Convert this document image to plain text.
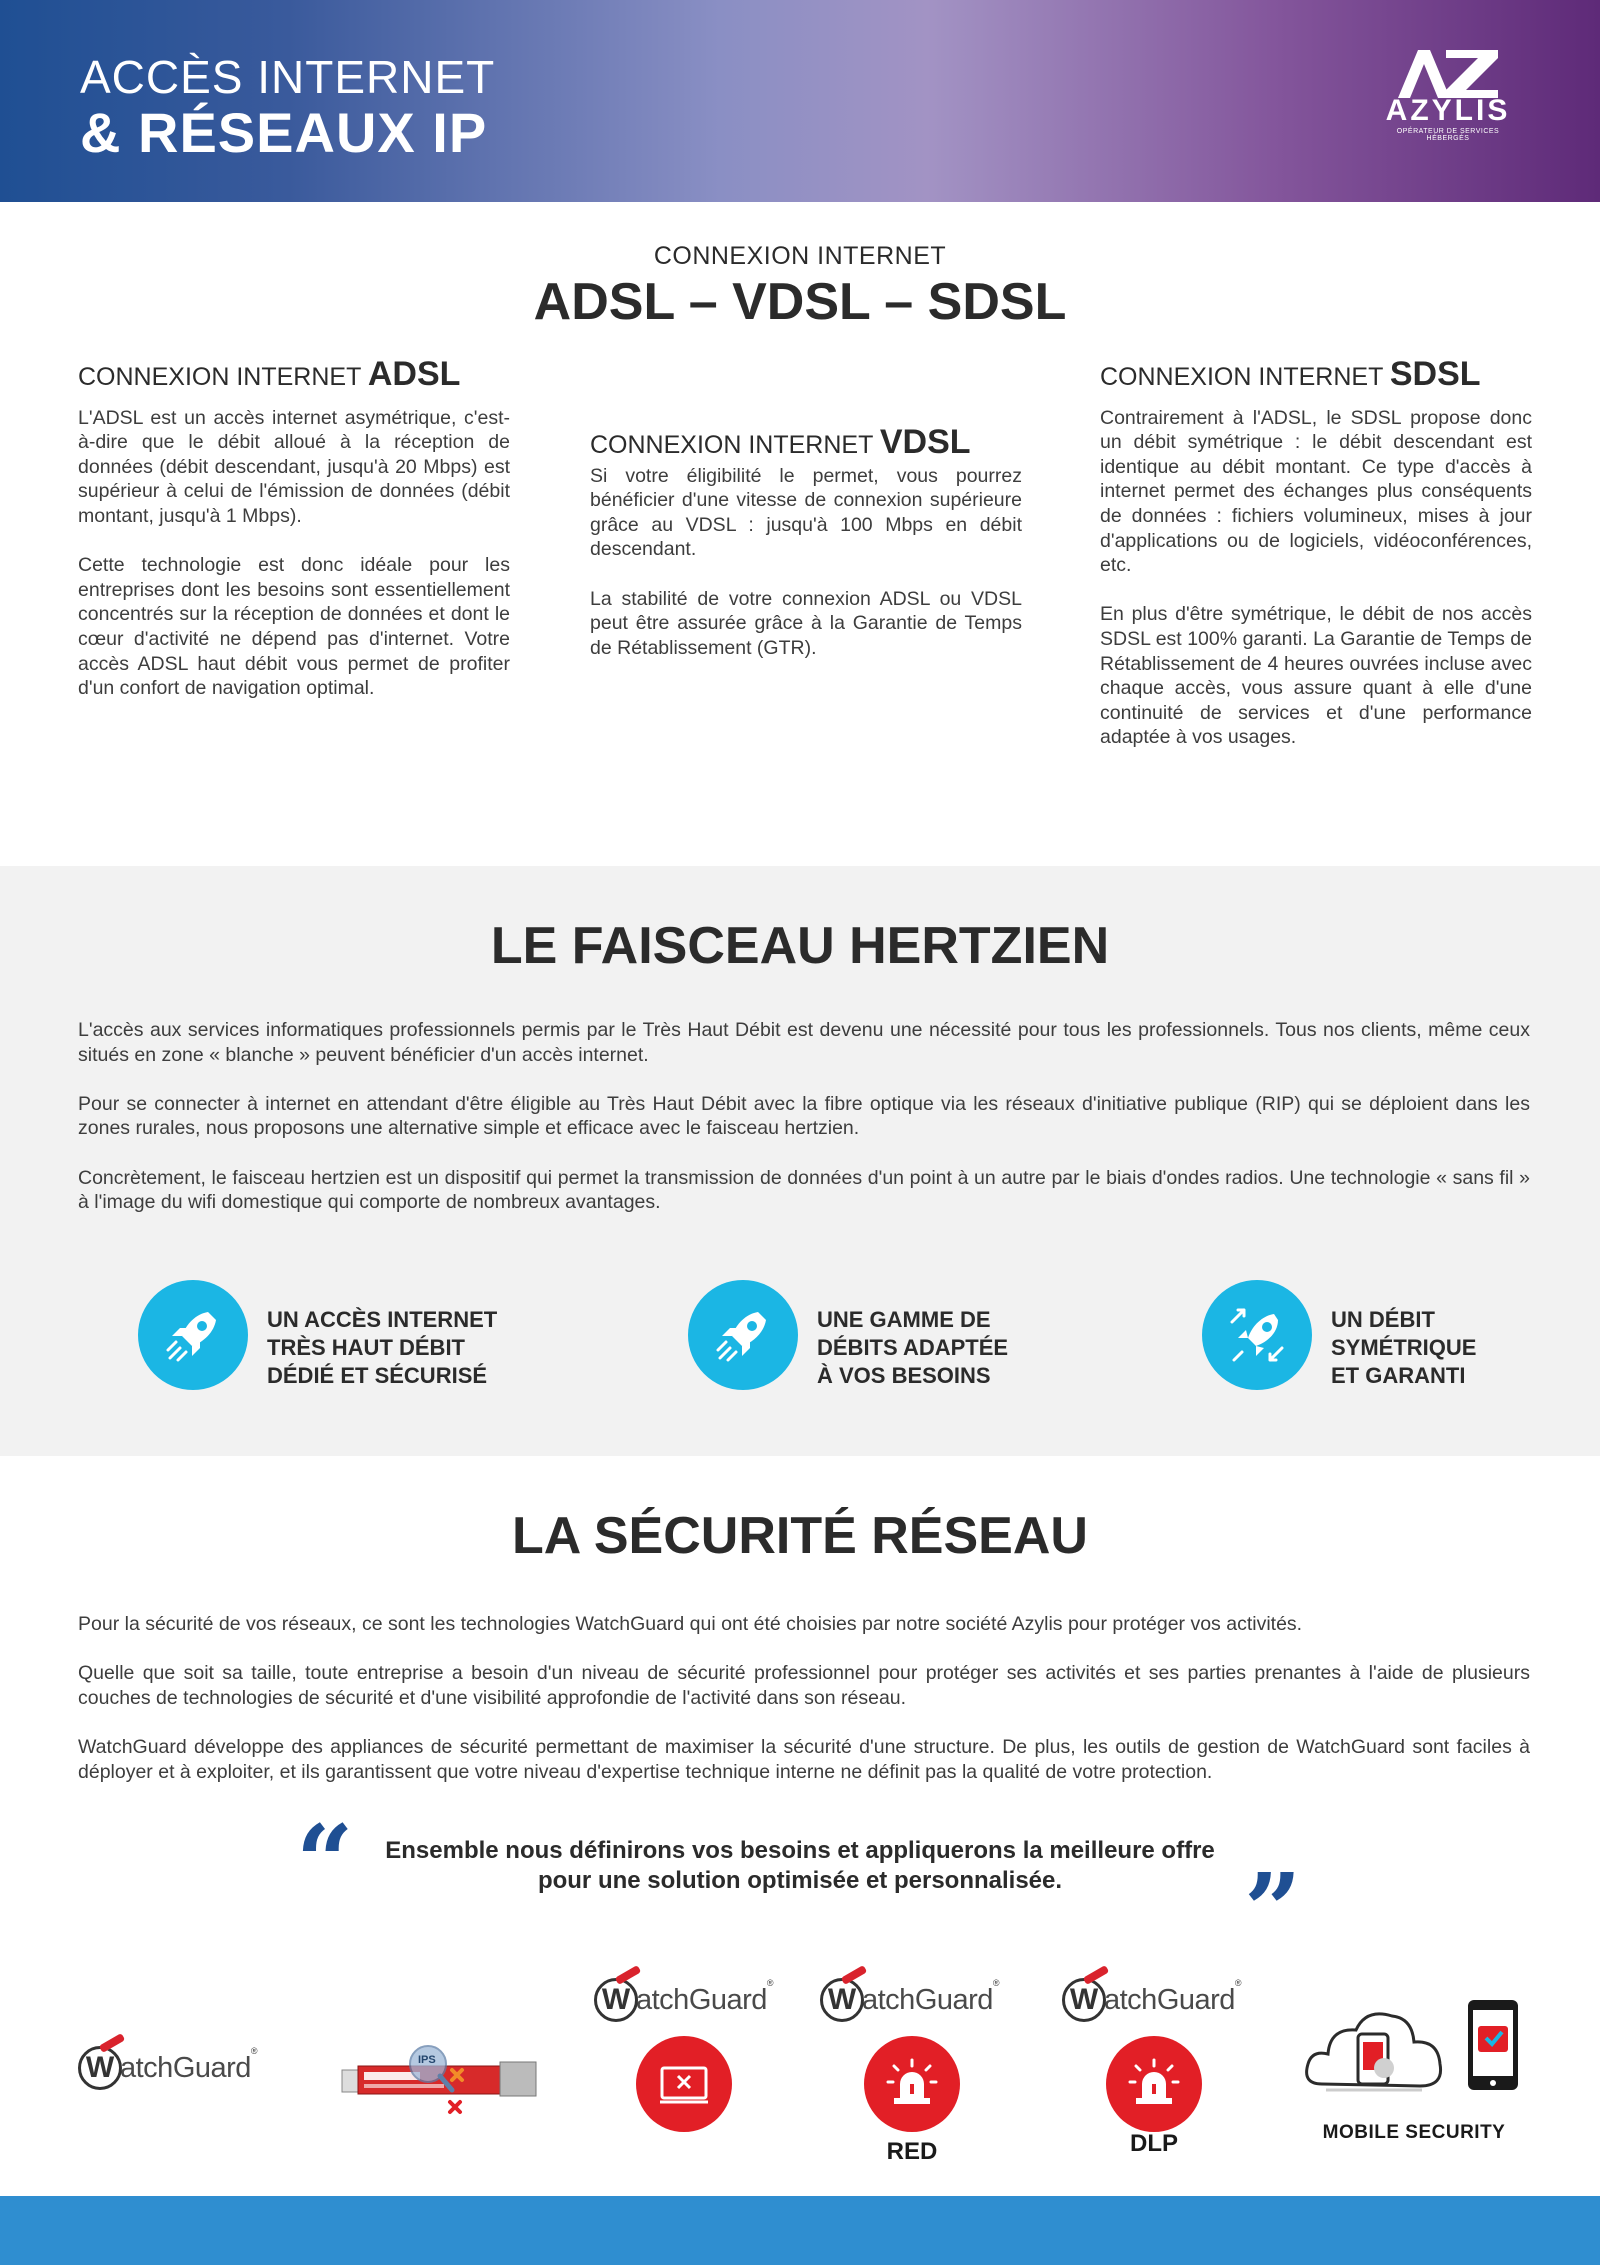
ACCÈS INTERNET
& RÉSEAUX IP	AZYLIS
OPÉRATEUR DE SERVICES HÉBERGÉS
CONNEXION INTERNET
ADSL – VDSL – SDSL
CONNEXION INTERNET ADSL

L'ADSL est un accès internet asymétrique, c'est-à-dire que le débit alloué à la réception de données (débit descendant, jusqu'à 20 Mbps) est supérieur à celui de l'émission de données (débit montant, jusqu'à 1 Mbps).

Cette technologie est donc idéale pour les entreprises dont les besoins sont essentiellement concentrés sur la réception de données et dont le cœur d'activité ne dépend pas d'internet. Votre accès ADSL haut débit vous permet de profiter d'un confort de navigation optimal.

CONNEXION INTERNET VDSL

Si votre éligibilité le permet, vous pourrez bénéficier d'une vitesse de connexion supérieure grâce au VDSL : jusqu'à 100 Mbps en débit descendant.

La stabilité de votre connexion ADSL ou VDSL peut être assurée grâce à la Garantie de Temps de Rétablissement (GTR).

CONNEXION INTERNET SDSL

Contrairement à l'ADSL, le SDSL propose donc un débit symétrique : le débit descendant est identique au débit montant. Ce type d'accès à internet permet des échanges plus conséquents de données : fichiers volumineux, mises à jour d'applications ou de logiciels, vidéoconférences, etc.

En plus d'être symétrique, le débit de nos accès SDSL est 100% garanti. La Garantie de Temps de Rétablissement de 4 heures ouvrées incluse avec chaque accès, vous assure quant à elle d'une continuité de services et d'une performance adaptée à vos usages.

LE FAISCEAU HERTZIEN

L'accès aux services informatiques professionnels permis par le Très Haut Débit est devenu une nécessité pour tous les professionnels. Tous nos clients, même ceux situés en zone « blanche » peuvent bénéficier d'un accès internet.

Pour se connecter à internet en attendant d'être éligible au Très Haut Débit avec la fibre optique via les réseaux d'initiative publique (RIP) qui se déploient dans les zones rurales, nous proposons une alternative simple et efficace avec le faisceau hertzien.

Concrètement, le faisceau hertzien est un dispositif qui permet la transmission de données d'un point à un autre par le biais d'ondes radios. Une technologie « sans fil » à l'image du wifi domestique qui comporte de nombreux avantages.

UN ACCÈS INTERNET
TRÈS HAUT DÉBIT
DÉDIÉ ET SÉCURISÉ
UNE GAMME DE
DÉBITS ADAPTÉE
À VOS BESOINS
UN DÉBIT
SYMÉTRIQUE
ET GARANTI
LA SÉCURITÉ RÉSEAU

Pour la sécurité de vos réseaux, ce sont les technologies WatchGuard qui ont été choisies par notre société Azylis pour protéger vos activités.

Quelle que soit sa taille, toute entreprise a besoin d'un niveau de sécurité professionnel pour protéger ses activités et ses parties prenantes à l'aide de plusieurs couches de technologies de sécurité et d'une visibilité approfondie de l'activité dans son réseau.

WatchGuard développe des appliances de sécurité permettant de maximiser la sécurité d'une structure. De plus, les outils de gestion de WatchGuard sont faciles à déployer et à exploiter, et ils garantissent que votre niveau d'expertise technique interne ne définit pas la qualité de votre protection.

“	Ensemble nous définirons vos besoins et appliquerons la meilleure offre
pour une solution optimisée et personnalisée.	”
W atchGuard®
IPS
W atchGuard® W atchGuard® W atchGuard®
RED	DLP	MOBILE SECURITY
